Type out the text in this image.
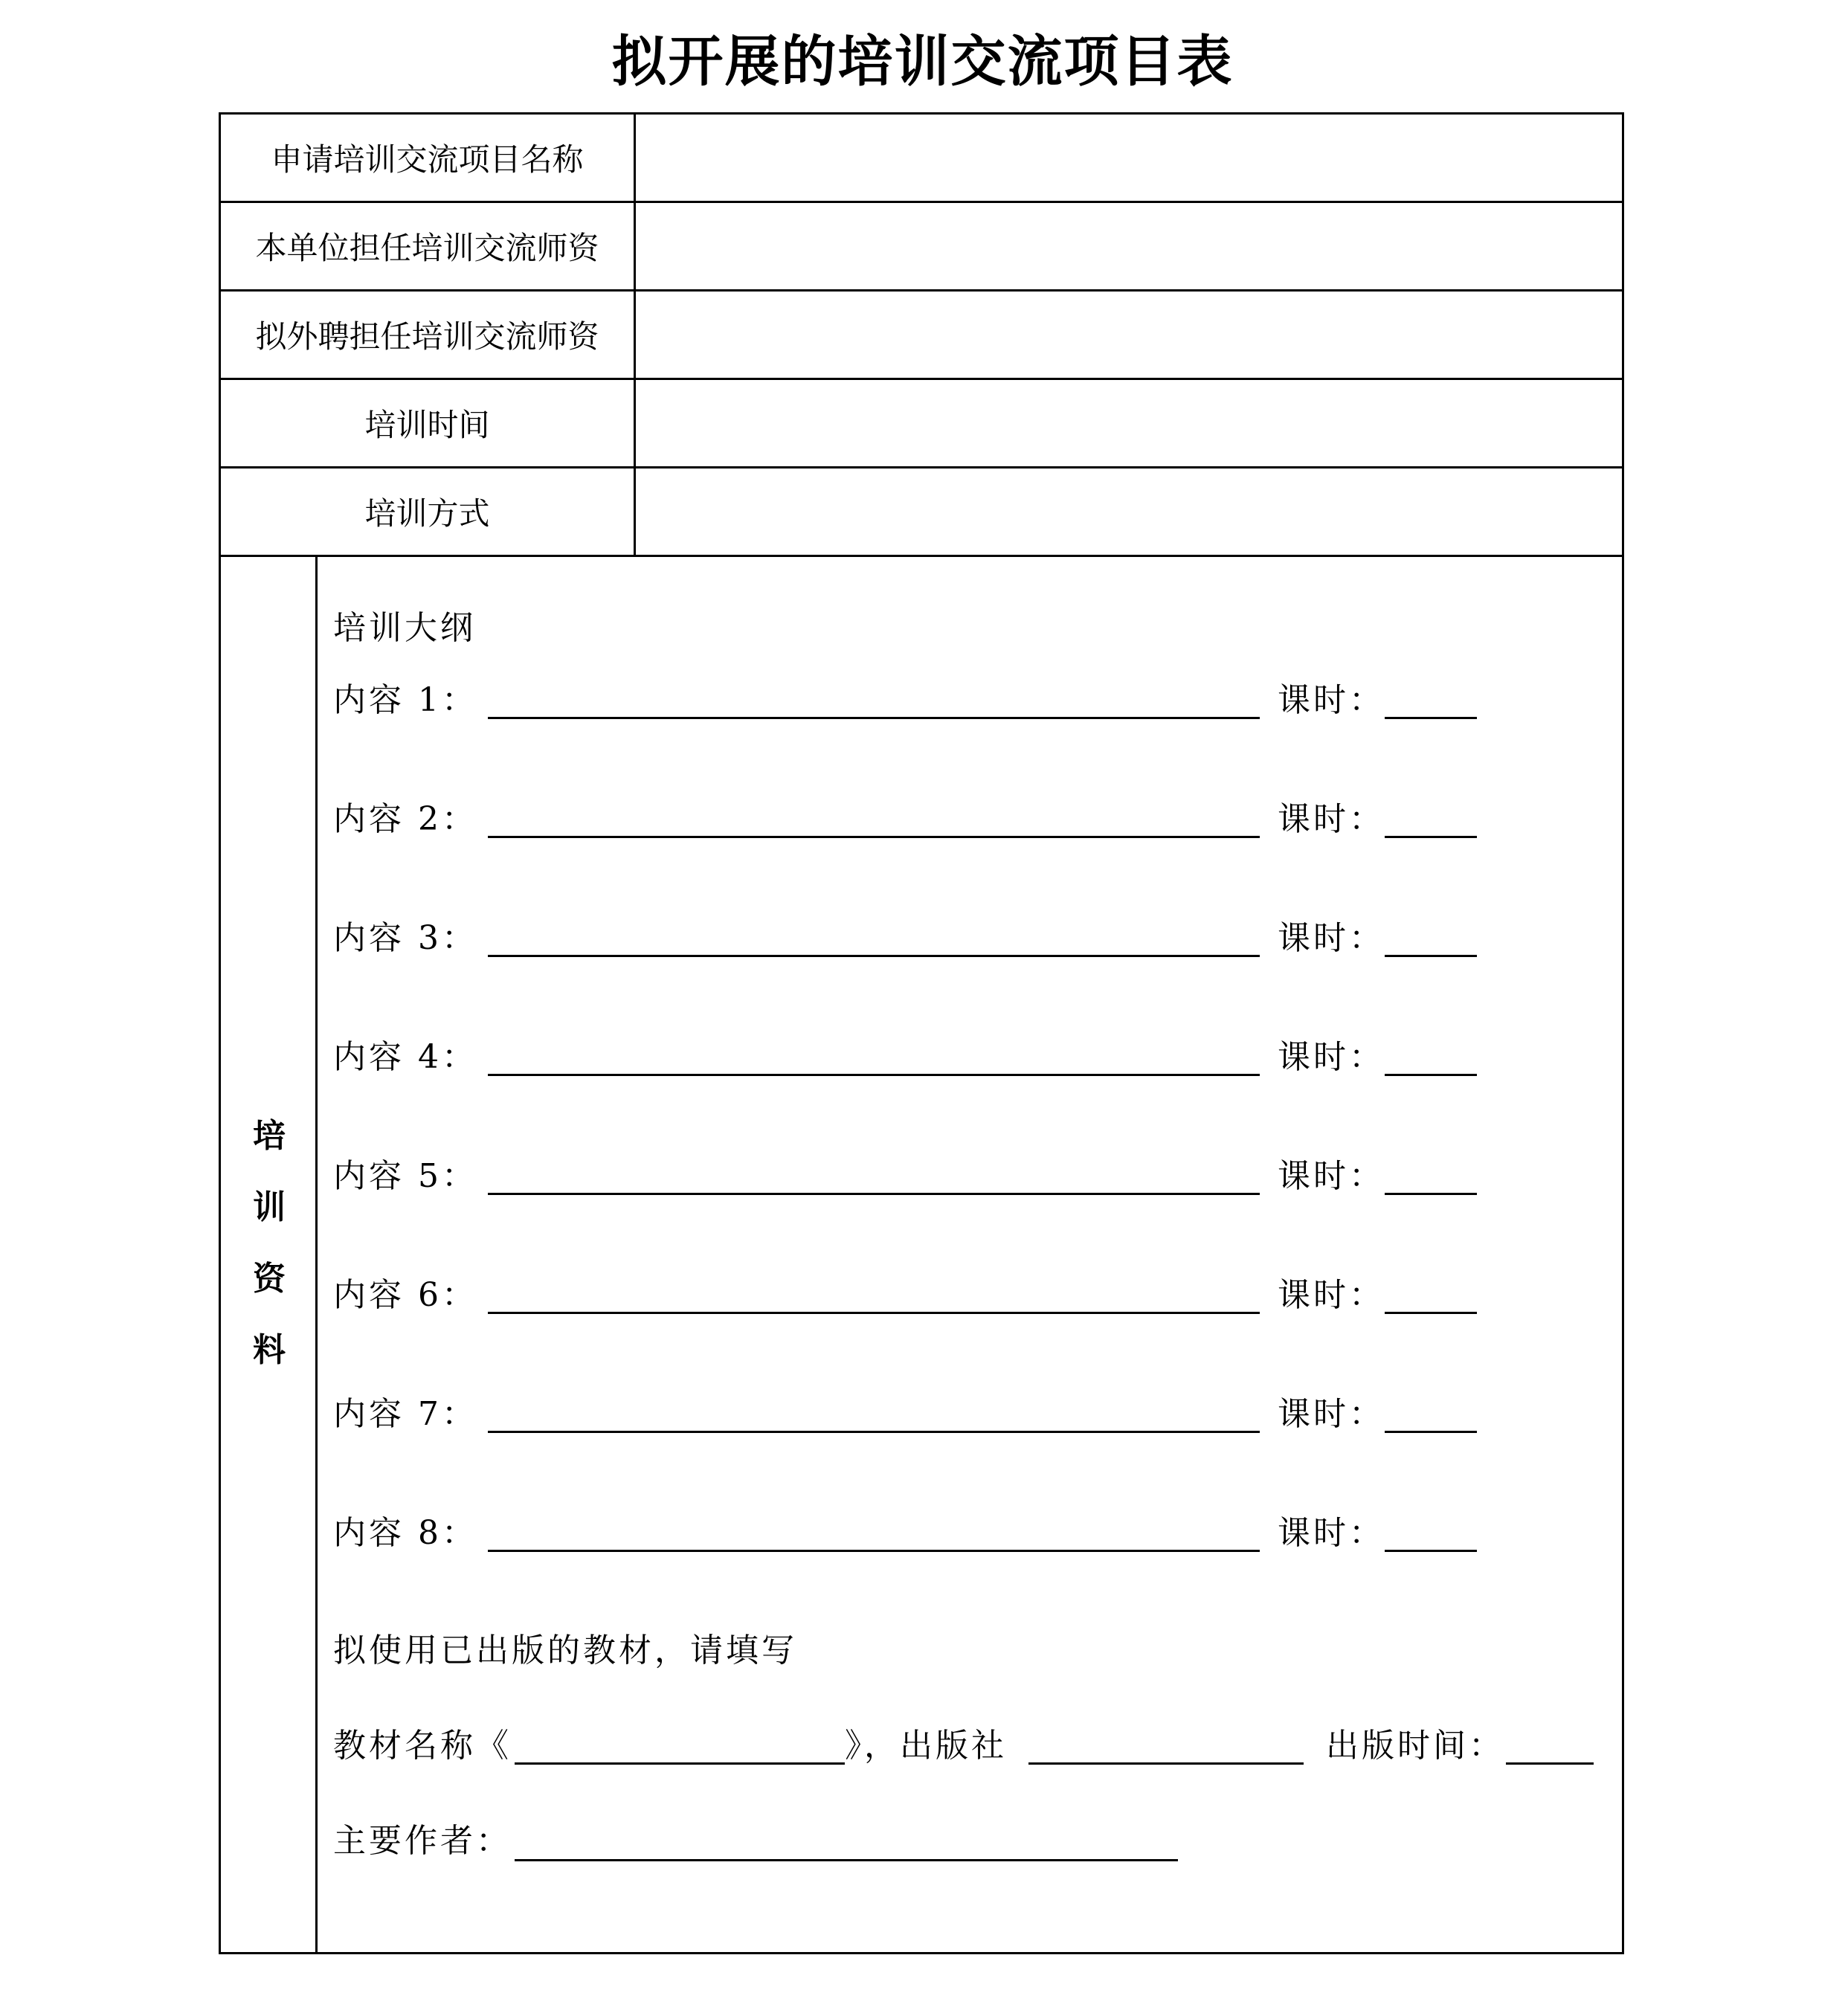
拟开展的培训交流项目表
申请培训交流项目名称
本单位担任培训交流师资
拟外聘担任培训交流师资
培训时间
培训方式
培
训
资
料
培训大纲
内容 1：	课时：
内容 2：	课时：
内容 3：	课时：
内容 4：	课时：
内容 5：	课时：
内容 6：	课时：
内容 7：	课时：
内容 8：	课时：
拟使用已出版的教材，请填写
教材名称《	》，出版社	出版时间：
主要作者：
